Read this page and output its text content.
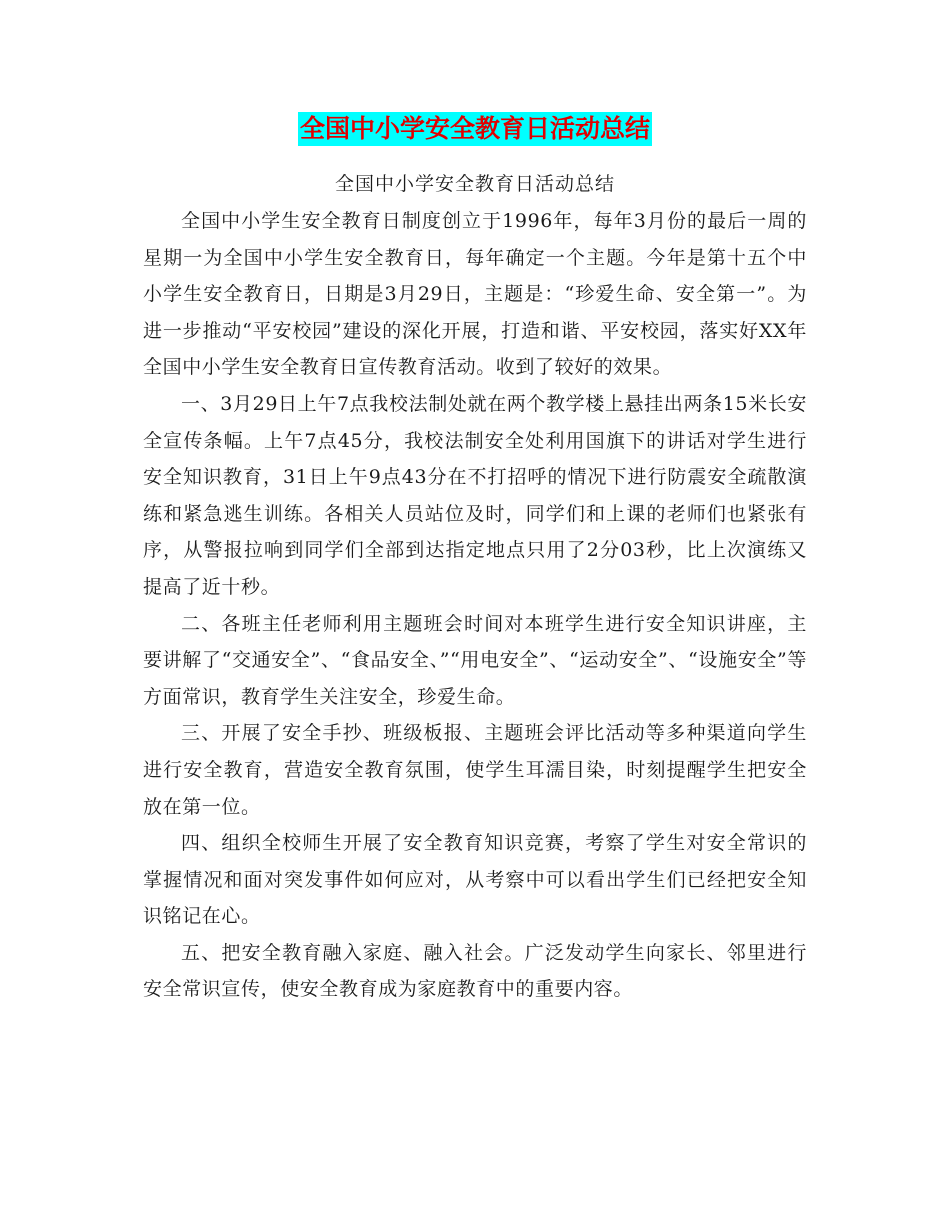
全国中小学安全教育日活动总结
全国中小学安全教育日活动总结

全国中小学生安全教育日制度创立于1996年，每年3月份的最后一周的星期一为全国中小学生安全教育日，每年确定一个主题。今年是第十五个中小学生安全教育日，日期是3月29日，主题是：“珍爱生命、安全第一”。为进一步推动“平安校园”建设的深化开展，打造和谐、平安校园，落实好XX年全国中小学生安全教育日宣传教育活动。收到了较好的效果。

一、3月29日上午7点我校法制处就在两个教学楼上悬挂出两条15米长安全宣传条幅。上午7点45分，我校法制安全处利用国旗下的讲话对学生进行安全知识教育，31日上午9点43分在不打招呼的情况下进行防震安全疏散演练和紧急逃生训练。各相关人员站位及时，同学们和上课的老师们也紧张有序，从警报拉响到同学们全部到达指定地点只用了2分03秒，比上次演练又提高了近十秒。

二、各班主任老师利用主题班会时间对本班学生进行安全知识讲座，主要讲解了“交通安全”、“食品安全、”“用电安全”、“运动安全”、“设施安全”等方面常识，教育学生关注安全，珍爱生命。

三、开展了安全手抄、班级板报、主题班会评比活动等多种渠道向学生进行安全教育，营造安全教育氛围，使学生耳濡目染，时刻提醒学生把安全放在第一位。

四、组织全校师生开展了安全教育知识竞赛，考察了学生对安全常识的掌握情况和面对突发事件如何应对，从考察中可以看出学生们已经把安全知识铭记在心。

五、把安全教育融入家庭、融入社会。广泛发动学生向家长、邻里进行安全常识宣传，使安全教育成为家庭教育中的重要内容。
